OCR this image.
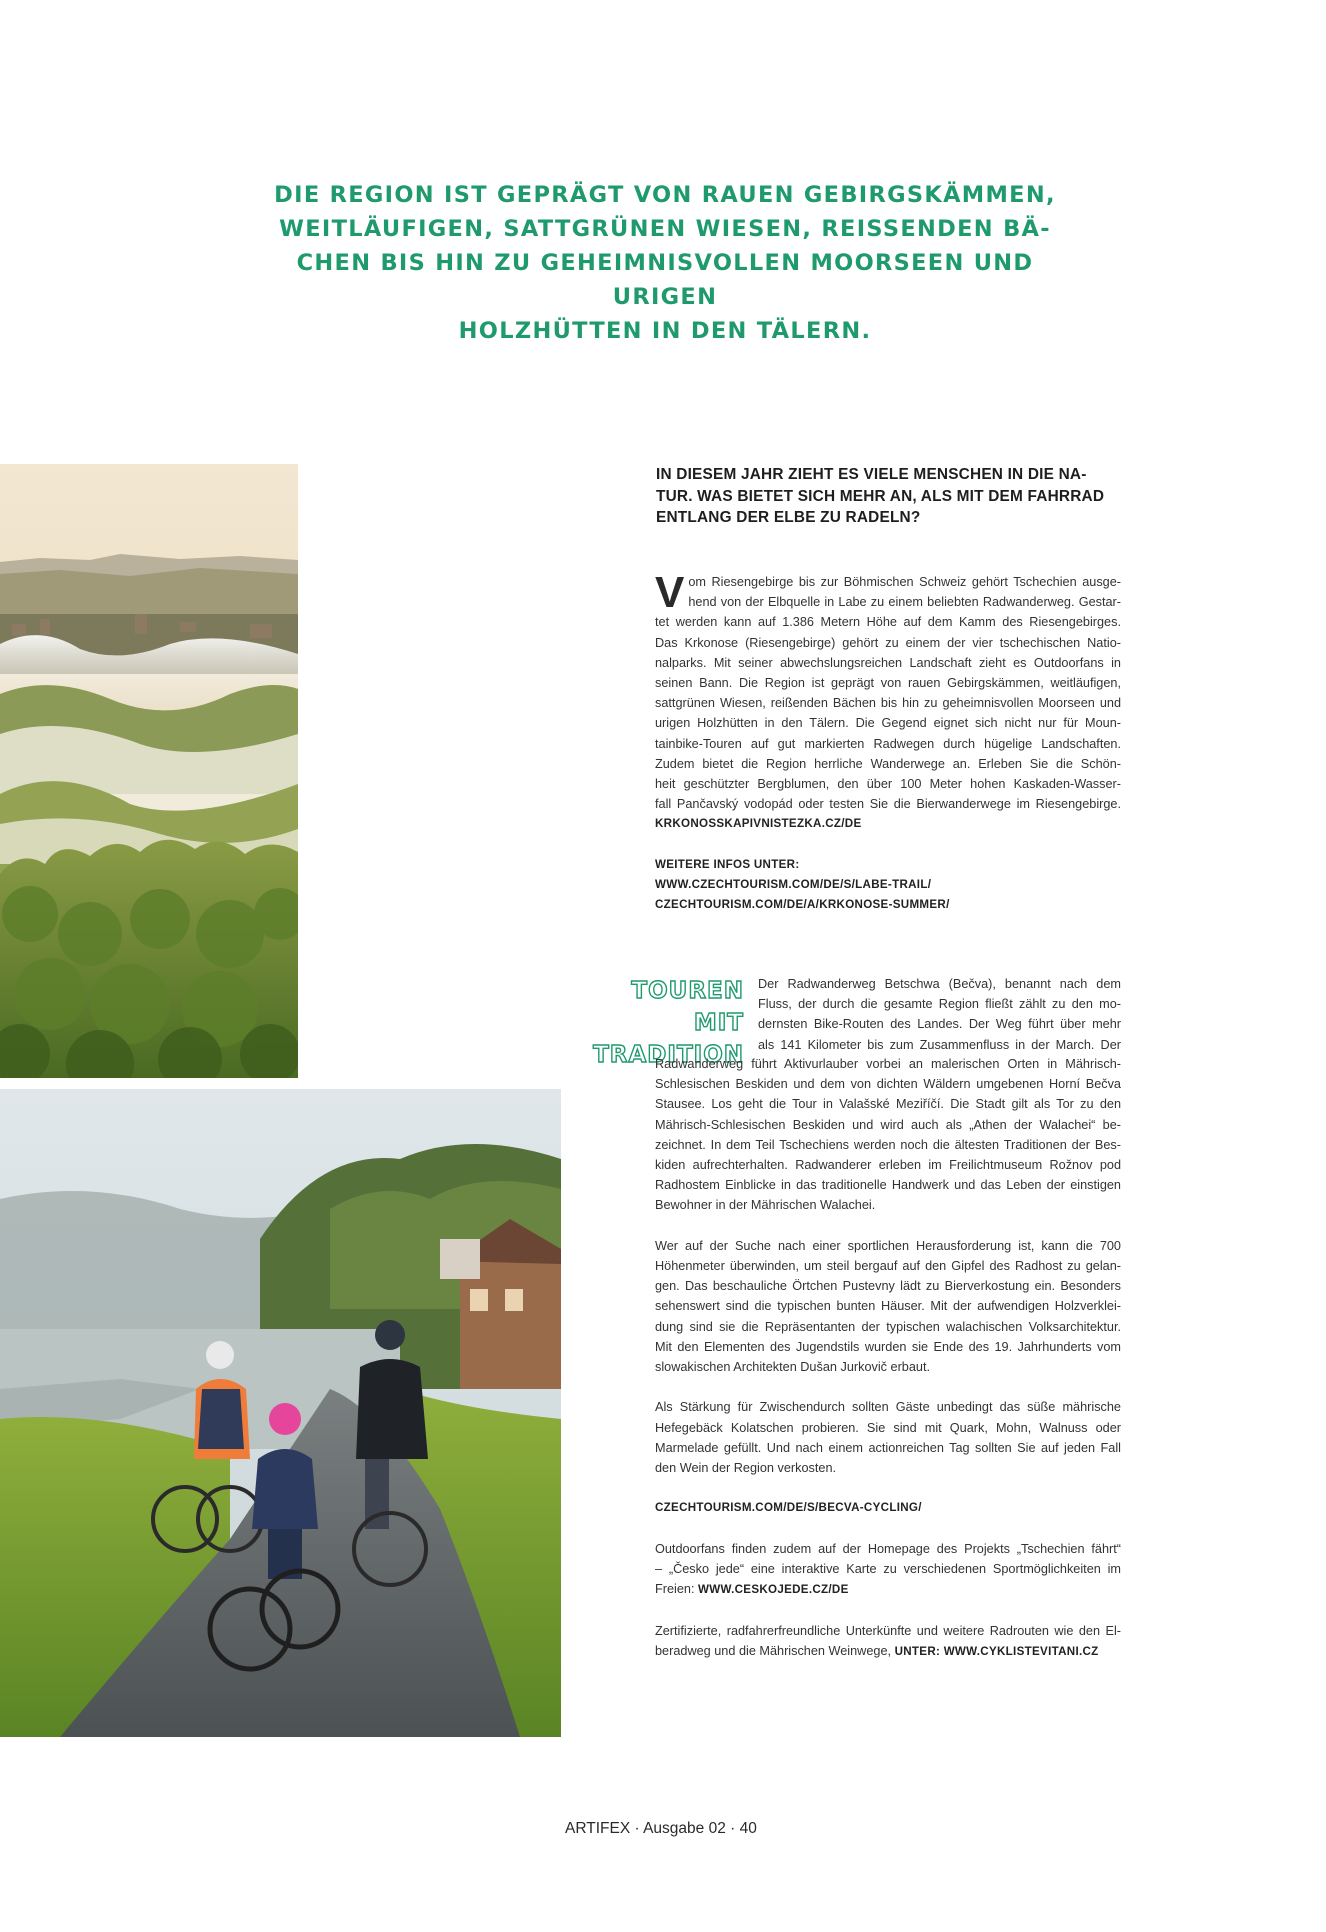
DIE REGION IST GEPRÄGT VON RAUEN GEBIRGSKÄMMEN,
WEITLÄUFIGEN, SATTGRÜNEN WIESEN, REISSENDEN BÄ-
CHEN BIS HIN ZU GEHEIMNISVOLLEN MOORSEEN UND URIGEN
HOLZHÜTTEN IN DEN TÄLERN.
IN DIESEM JAHR ZIEHT ES VIELE MENSCHEN IN DIE NA-
TUR. WAS BIETET SICH MEHR AN, ALS MIT DEM FAHRRAD
ENTLANG DER ELBE ZU RADELN?
V om Riesengebirge bis zur Böhmischen Schweiz gehört Tschechien ausge-
hend von der Elbquelle in Labe zu einem beliebten Radwanderweg. Gestar-
tet werden kann auf 1.386 Metern Höhe auf dem Kamm des Riesengebirges.
Das Krkonose (Riesengebirge) gehört zu einem der vier tschechischen Natio-
nalparks. Mit seiner abwechslungsreichen Landschaft zieht es Outdoorfans in
seinen Bann. Die Region ist geprägt von rauen Gebirgskämmen, weitläufigen,
sattgrünen Wiesen, reißenden Bächen bis hin zu geheimnisvollen Moorseen und
urigen Holzhütten in den Tälern. Die Gegend eignet sich nicht nur für Moun-
tainbike-Touren auf gut markierten Radwegen durch hügelige Landschaften.
Zudem bietet die Region herrliche Wanderwege an. Erleben Sie die Schön-
heit geschützter Bergblumen, den über 100 Meter hohen Kaskaden-Wasser-
fall Pančavský vodopád oder testen Sie die Bierwanderwege im Riesengebirge.
KRKONOSSKAPIVNISTEZKA.CZ/DE
WEITERE INFOS UNTER:
WWW.CZECHTOURISM.COM/DE/S/LABE-TRAIL/
CZECHTOURISM.COM/DE/A/KRKONOSE-SUMMER/
TOUREN MIT
TRADITION
Der Radwanderweg Betschwa (Bečva), benannt nach dem
Fluss, der durch die gesamte Region fließt zählt zu den mo-
dernsten Bike-Routen des Landes. Der Weg führt über mehr
als 141 Kilometer bis zum Zusammenfluss in der March. Der
Radwanderweg führt Aktivurlauber vorbei an malerischen Orten in Mährisch-
Schlesischen Beskiden und dem von dichten Wäldern umgebenen Horní Bečva
Stausee. Los geht die Tour in Valašské Meziříčí. Die Stadt gilt als Tor zu den
Mährisch-Schlesischen Beskiden und wird auch als „Athen der Walachei“ be-
zeichnet. In dem Teil Tschechiens werden noch die ältesten Traditionen der Bes-
kiden aufrechterhalten. Radwanderer erleben im Freilichtmuseum Rožnov pod
Radhostem Einblicke in das traditionelle Handwerk und das Leben der einstigen
Bewohner in der Mährischen Walachei.

Wer auf der Suche nach einer sportlichen Herausforderung ist, kann die 700
Höhenmeter überwinden, um steil bergauf auf den Gipfel des Radhost zu gelan-
gen. Das beschauliche Örtchen Pustevny lädt zu Bierverkostung ein. Besonders
sehenswert sind die typischen bunten Häuser. Mit der aufwendigen Holzverklei-
dung sind sie die Repräsentanten der typischen walachischen Volksarchitektur.
Mit den Elementen des Jugendstils wurden sie Ende des 19. Jahrhunderts vom
slowakischen Architekten Dušan Jurkovič erbaut.

Als Stärkung für Zwischendurch sollten Gäste unbedingt das süße mährische
Hefegebäck Kolatschen probieren. Sie sind mit Quark, Mohn, Walnuss oder
Marmelade gefüllt. Und nach einem actionreichen Tag sollten Sie auf jeden Fall
den Wein der Region verkosten.

CZECHTOURISM.COM/DE/S/BECVA-CYCLING/

Outdoorfans finden zudem auf der Homepage des Projekts „Tschechien fährt“
– „Česko jede“ eine interaktive Karte zu verschiedenen Sportmöglichkeiten im
Freien: WWW.CESKOJEDE.CZ/DE

Zertifizierte, radfahrerfreundliche Unterkünfte und weitere Radrouten wie den El-
beradweg und die Mährischen Weinwege, UNTER: WWW.CYKLISTEVITANI.CZ
ARTIFEX · Ausgabe 02 · 40
